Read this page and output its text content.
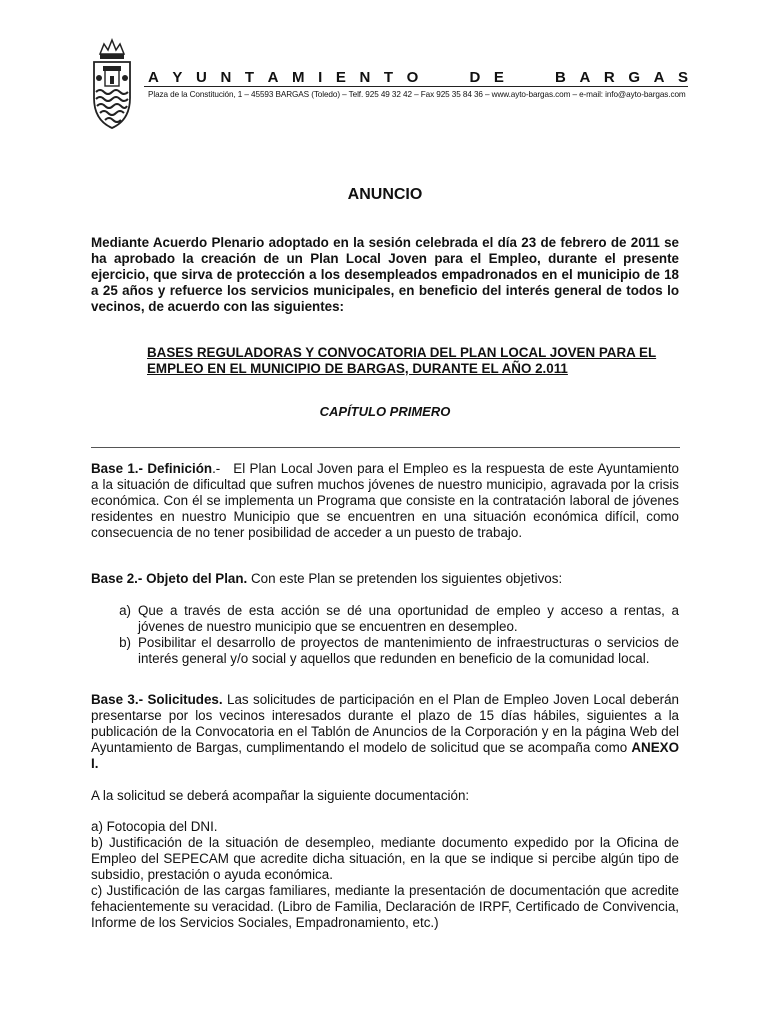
A Y U N T A M I E N T O	D E	B A R G A S
Plaza de la Constitución, 1 – 45593 BARGAS (Toledo) – Telf. 925 49 32 42 – Fax 925 35 84 36 – www.ayto-bargas.com – e-mail: info@ayto-bargas.com
ANUNCIO
Mediante Acuerdo Plenario adoptado en la sesión celebrada el día 23 de febrero de 2011 se ha aprobado la creación de un Plan Local Joven para el Empleo, durante el presente ejercicio, que sirva de protección a los desempleados empadronados en el municipio de 18 a 25 años y refuerce los servicios municipales, en beneficio del interés general de todos lo vecinos, de acuerdo con las siguientes:
BASES REGULADORAS Y CONVOCATORIA DEL PLAN LOCAL JOVEN PARA EL EMPLEO EN EL MUNICIPIO DE BARGAS, DURANTE EL AÑO 2.011
CAPÍTULO PRIMERO
Base 1.- Definición.- El Plan Local Joven para el Empleo es la respuesta de este Ayuntamiento a la situación de dificultad que sufren muchos jóvenes de nuestro municipio, agravada por la crisis económica. Con él se implementa un Programa que consiste en la contratación laboral de jóvenes residentes en nuestro Municipio que se encuentren en una situación económica difícil, como consecuencia de no tener posibilidad de acceder a un puesto de trabajo.
Base 2.- Objeto del Plan. Con este Plan se pretenden los siguientes objetivos:
a) Que a través de esta acción se dé una oportunidad de empleo y acceso a rentas, a jóvenes de nuestro municipio que se encuentren en desempleo.
b) Posibilitar el desarrollo de proyectos de mantenimiento de infraestructuras o servicios de interés general y/o social y aquellos que redunden en beneficio de la comunidad local.
Base 3.- Solicitudes. Las solicitudes de participación en el Plan de Empleo Joven Local deberán presentarse por los vecinos interesados durante el plazo de 15 días hábiles, siguientes a la publicación de la Convocatoria en el Tablón de Anuncios de la Corporación y en la página Web del Ayuntamiento de Bargas, cumplimentando el modelo de solicitud que se acompaña como ANEXO I.
A la solicitud se deberá acompañar la siguiente documentación:
a) Fotocopia del DNI.
b) Justificación de la situación de desempleo, mediante documento expedido por la Oficina de Empleo del SEPECAM que acredite dicha situación, en la que se indique si percibe algún tipo de subsidio, prestación o ayuda económica.
c) Justificación de las cargas familiares, mediante la presentación de documentación que acredite fehacientemente su veracidad. (Libro de Familia, Declaración de IRPF, Certificado de Convivencia, Informe de los Servicios Sociales, Empadronamiento, etc.)
